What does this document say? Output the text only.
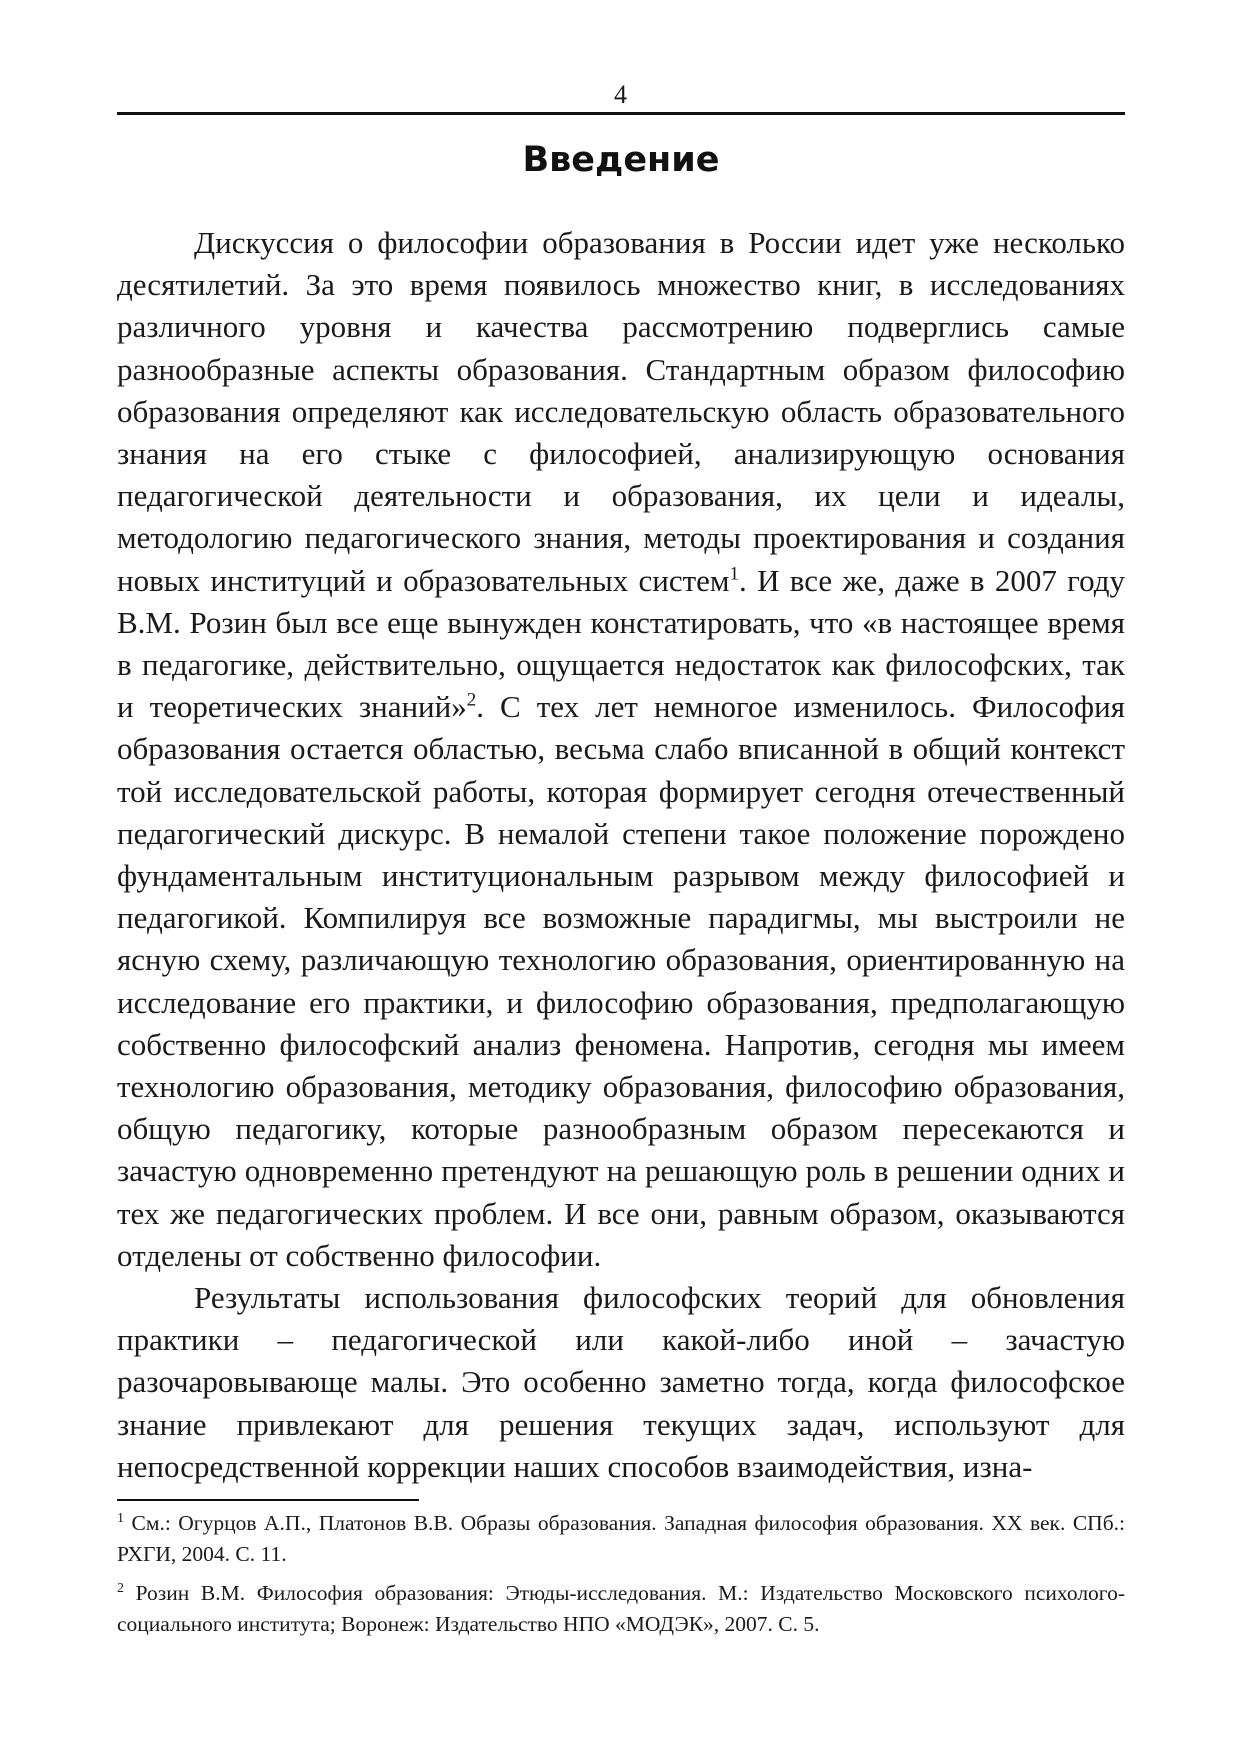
4
Введение

Дискуссия о философии образования в России идет уже несколько десятилетий. За это время появилось множество книг, в исследованиях различного уровня и качества рассмотрению подверглись самые разнообразные аспекты образования. Стандартным образом философию образования определяют как исследовательскую область образовательного знания на его стыке с философией, анализирующую основания педагогической деятельности и образования, их цели и идеалы, методологию педагогического знания, методы проектирования и создания новых институций и образовательных систем$^1$. И все же, даже в 2007 году В.М. Розин был все еще вынужден констатировать, что «в настоящее время в педагогике, действительно, ощущается недостаток как философских, так и теоретических знаний»$^2$. С тех лет немногое изменилось. Философия образования остается областью, весьма слабо вписанной в общий контекст той исследовательской работы, которая формирует сегодня отечественный педагогический дискурс. В немалой степени такое положение порождено фундаментальным институциональным разрывом между философией и педагогикой. Компилируя все возможные парадигмы, мы выстроили не ясную схему, различающую технологию образования, ориентированную на исследование его практики, и философию образования, предполагающую собственно философский анализ феномена. Напротив, сегодня мы имеем технологию образования, методику образования, философию образования, общую педагогику, которые разнообразным образом пересекаются и зачастую одновременно претендуют на решающую роль в решении одних и тех же педагогических проблем. И все они, равным образом, оказываются отделены от собственно философии.

Результаты использования философских теорий для обновления практики – педагогической или какой-либо иной – зачастую разочаровывающе малы. Это особенно заметно тогда, когда философское знание привлекают для решения текущих задач, используют для непосредственной коррекции наших способов взаимодействия, изна-

$^1$ См.: Огурцов А.П., Платонов В.В. Образы образования. Западная философия образования. XX век. СПб.: РХГИ, 2004. С. 11.

$^2$ Розин В.М. Философия образования: Этюды-исследования. М.: Издательство Московского психолого-социального института; Воронеж: Издательство НПО «МОДЭК», 2007. С. 5.
